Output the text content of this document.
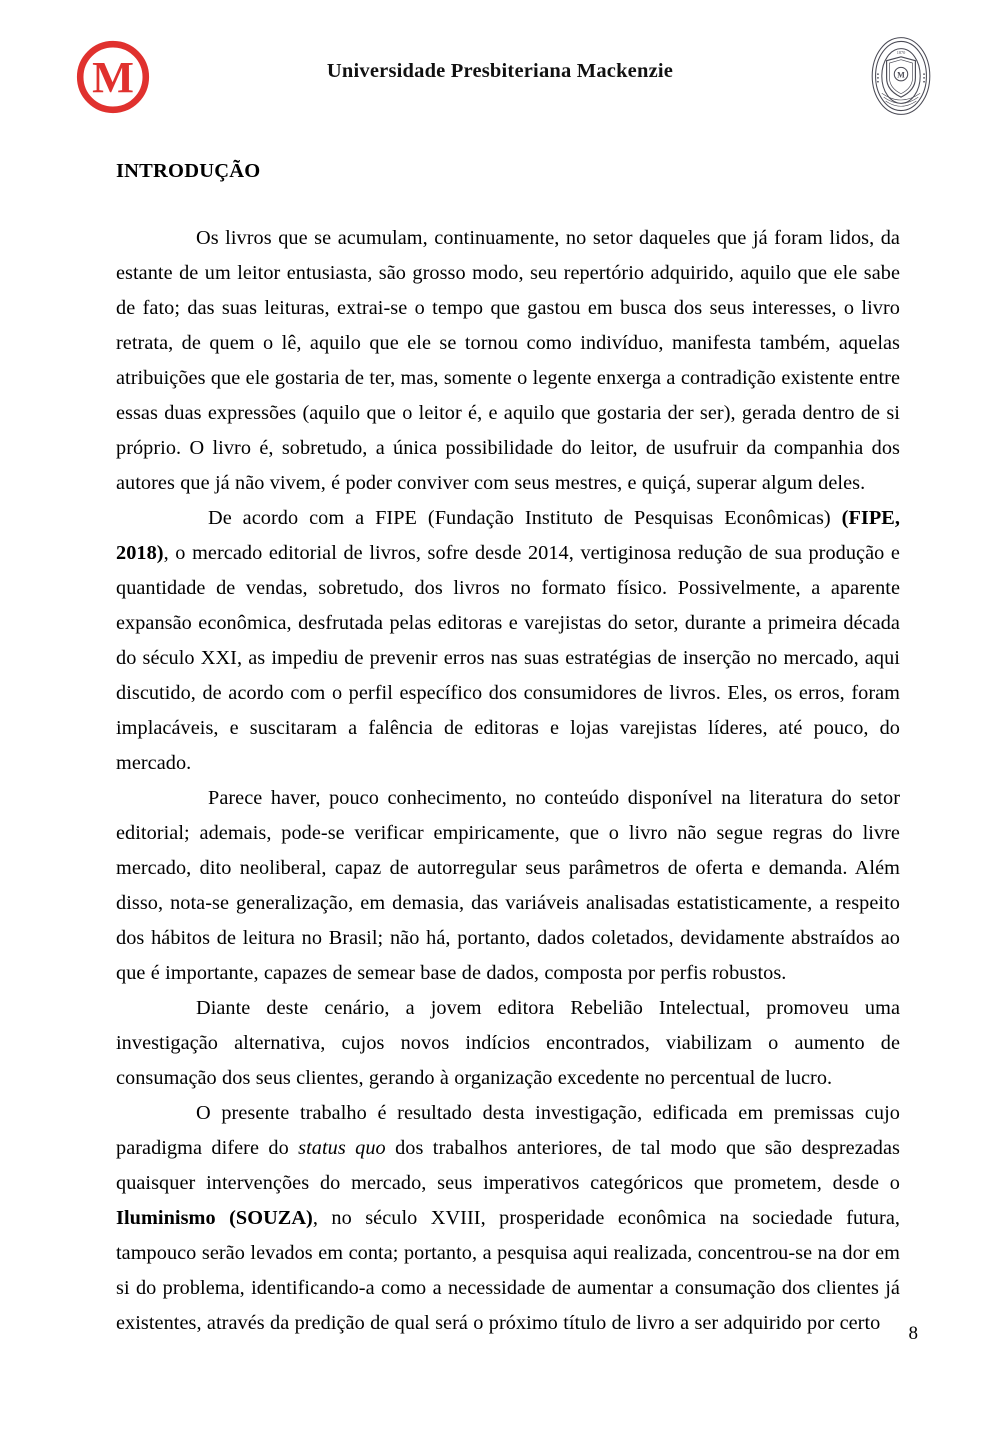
M	Universidade Presbiteriana Mackenzie	M
1870
INTRODUÇÃO

Os livros que se acumulam, continuamente, no setor daqueles que já foram lidos, da estante de um leitor entusiasta, são grosso modo, seu repertório adquirido, aquilo que ele sabe de fato; das suas leituras, extrai-se o tempo que gastou em busca dos seus interesses, o livro retrata, de quem o lê, aquilo que ele se tornou como indivíduo, manifesta também, aquelas atribuições que ele gostaria de ter, mas, somente o legente enxerga a contradição existente entre essas duas expressões (aquilo que o leitor é, e aquilo que gostaria der ser), gerada dentro de si próprio. O livro é, sobretudo, a única possibilidade do leitor, de usufruir da companhia dos autores que já não vivem, é poder conviver com seus mestres, e quiçá, superar algum deles.

De acordo com a FIPE (Fundação Instituto de Pesquisas Econômicas) (FIPE, 2018), o mercado editorial de livros, sofre desde 2014, vertiginosa redução de sua produção e quantidade de vendas, sobretudo, dos livros no formato físico. Possivelmente, a aparente expansão econômica, desfrutada pelas editoras e varejistas do setor, durante a primeira década do século XXI, as impediu de prevenir erros nas suas estratégias de inserção no mercado, aqui discutido, de acordo com o perfil específico dos consumidores de livros. Eles, os erros, foram implacáveis, e suscitaram a falência de editoras e lojas varejistas líderes, até pouco, do mercado.

Parece haver, pouco conhecimento, no conteúdo disponível na literatura do setor editorial; ademais, pode-se verificar empiricamente, que o livro não segue regras do livre mercado, dito neoliberal, capaz de autorregular seus parâmetros de oferta e demanda. Além disso, nota-se generalização, em demasia, das variáveis analisadas estatisticamente, a respeito dos hábitos de leitura no Brasil; não há, portanto, dados coletados, devidamente abstraídos ao que é importante, capazes de semear base de dados, composta por perfis robustos.

Diante deste cenário, a jovem editora Rebelião Intelectual, promoveu uma investigação alternativa, cujos novos indícios encontrados, viabilizam o aumento de consumação dos seus clientes, gerando à organização excedente no percentual de lucro.

O presente trabalho é resultado desta investigação, edificada em premissas cujo paradigma difere do status quo dos trabalhos anteriores, de tal modo que são desprezadas quaisquer intervenções do mercado, seus imperativos categóricos que prometem, desde o Iluminismo (SOUZA), no século XVIII, prosperidade econômica na sociedade futura, tampouco serão levados em conta; portanto, a pesquisa aqui realizada, concentrou-se na dor em si do problema, identificando-a como a necessidade de aumentar a consumação dos clientes já existentes, através da predição de qual será o próximo título de livro a ser adquirido por certo	8
